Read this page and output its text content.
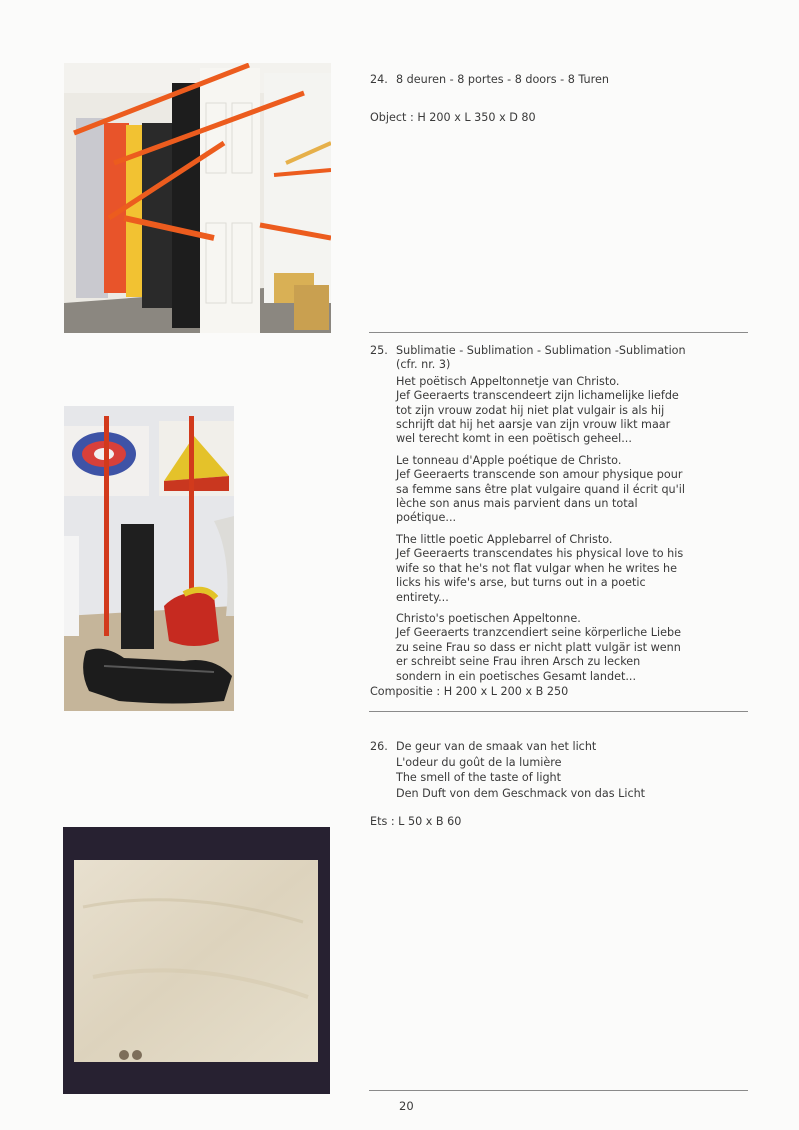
24. 8 deuren - 8 portes - 8 doors - 8 Turen
Object : H 200 x L 350 x D 80
25. Sublimatie - Sublimation - Sublimation -Sublimation
(cfr. nr. 3)
Het poëtisch Appeltonnetje van Christo.
Jef Geeraerts transcendeert zijn lichamelijke liefde
tot zijn vrouw zodat hij niet plat vulgair is als hij
schrijft dat hij het aarsje van zijn vrouw likt maar
wel terecht komt in een poëtisch geheel...
Le tonneau d'Apple poétique de Christo.
Jef Geeraerts transcende son amour physique pour
sa femme sans être plat vulgaire quand il écrit qu'il
lèche son anus mais parvient dans un total
poétique...
The little poetic Applebarrel of Christo.
Jef Geeraerts transcendates his physical love to his
wife so that he's not flat vulgar when he writes he
licks his wife's arse, but turns out in a poetic
entirety...
Christo's poetischen Appeltonne.
Jef Geeraerts tranzcendiert seine körperliche Liebe
zu seine Frau so dass er nicht platt vulgär ist wenn
er schreibt seine Frau ihren Arsch zu lecken
sondern in ein poetisches Gesamt landet...
Compositie : H 200 x L 200 x B 250
26. De geur van de smaak van het licht
L'odeur du goût de la lumière
The smell of the taste of light
Den Duft von dem Geschmack von das Licht
Ets : L 50 x B 60
20
